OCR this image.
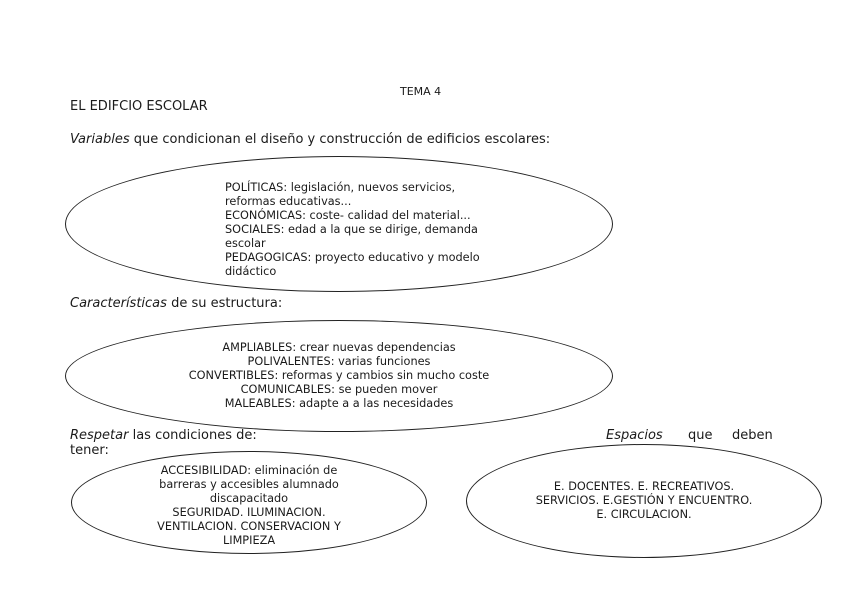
TEMA 4
EL EDIFCIO ESCOLAR
Variables que condicionan el diseño y construcción de edificios escolares:
POLÍTICAS: legislación, nuevos servicios,
reformas educativas...
ECONÓMICAS: coste- calidad del material...
SOCIALES: edad a la que se dirige, demanda
escolar
PEDAGOGICAS: proyecto educativo y modelo
didáctico
Características de su estructura:
AMPLIABLES: crear nuevas dependencias
POLIVALENTES: varias funciones
CONVERTIBLES: reformas y cambios sin mucho coste
COMUNICABLES: se pueden mover
MALEABLES: adapte a a las necesidades
Respetar las condiciones de:
tener:
ACCESIBILIDAD: eliminación de
barreras y accesibles alumnado
discapacitado
SEGURIDAD. ILUMINACION.
VENTILACION. CONSERVACION Y
LIMPIEZA
Espacios que deben
E. DOCENTES. E. RECREATIVOS.
SERVICIOS. E.GESTIÓN Y ENCUENTRO.
E. CIRCULACION.
